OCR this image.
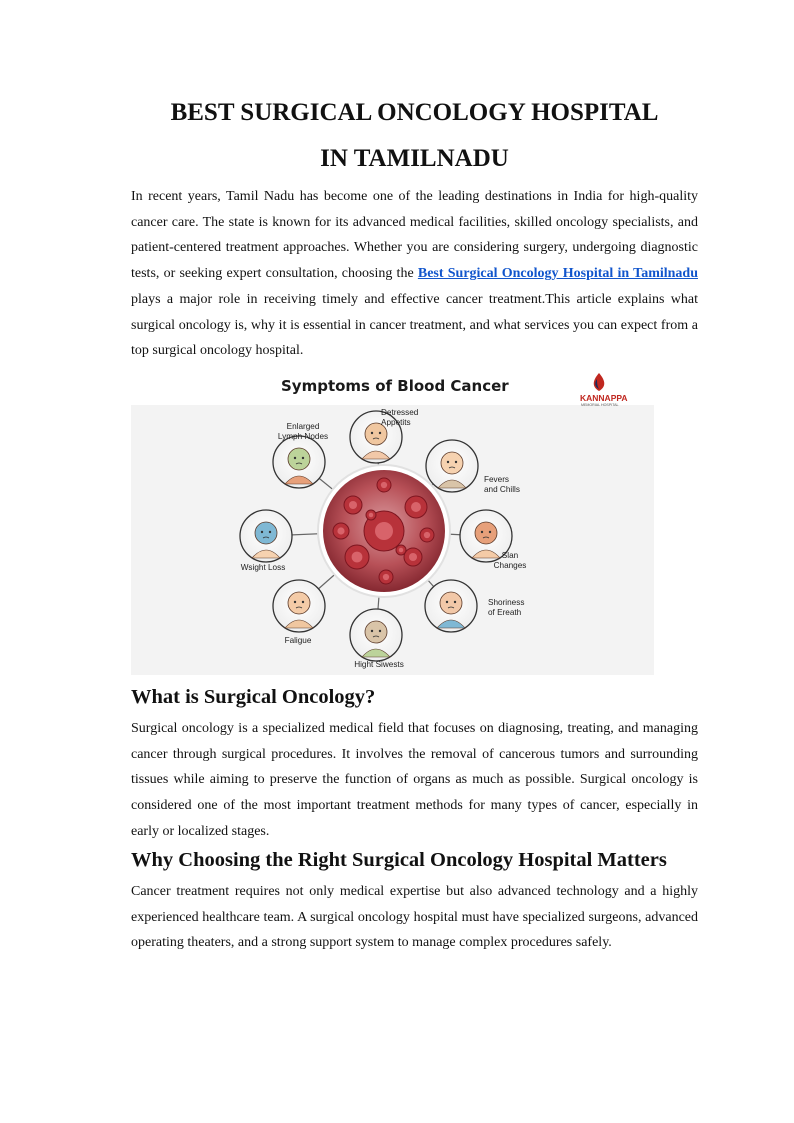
BEST SURGICAL ONCOLOGY HOSPITAL
IN TAMILNADU

In recent years, Tamil Nadu has become one of the leading destinations in India for high-quality cancer care. The state is known for its advanced medical facilities, skilled oncology specialists, and patient-centered treatment approaches. Whether you are considering surgery, undergoing diagnostic tests, or seeking expert consultation, choosing the Best Surgical Oncology Hospital in Tamilnadu plays a major role in receiving timely and effective cancer treatment.This article explains what surgical oncology is, why it is essential in cancer treatment, and what services you can expect from a top surgical oncology hospital.

What is Surgical Oncology?

Surgical oncology is a specialized medical field that focuses on diagnosing, treating, and managing cancer through surgical procedures. It involves the removal of cancerous tumors and surrounding tissues while aiming to preserve the function of organs as much as possible. Surgical oncology is considered one of the most important treatment methods for many types of cancer, especially in early or localized stages.

Why Choosing the Right Surgical Oncology Hospital Matters

Cancer treatment requires not only medical expertise but also advanced technology and a highly experienced healthcare team. A surgical oncology hospital must have specialized surgeons, advanced operating theaters, and a strong support system to manage complex procedures safely.

Symptoms of Blood Cancer
KANNAPPA
MEMORIAL HOSPITAL
Detressed
Appetits
Fevers
and Chills
Slan
Changes
Shoriness
of Ereath
Hight Siwests
Faligue
Wsight Loss
Enlarged
Lymph Nodes
